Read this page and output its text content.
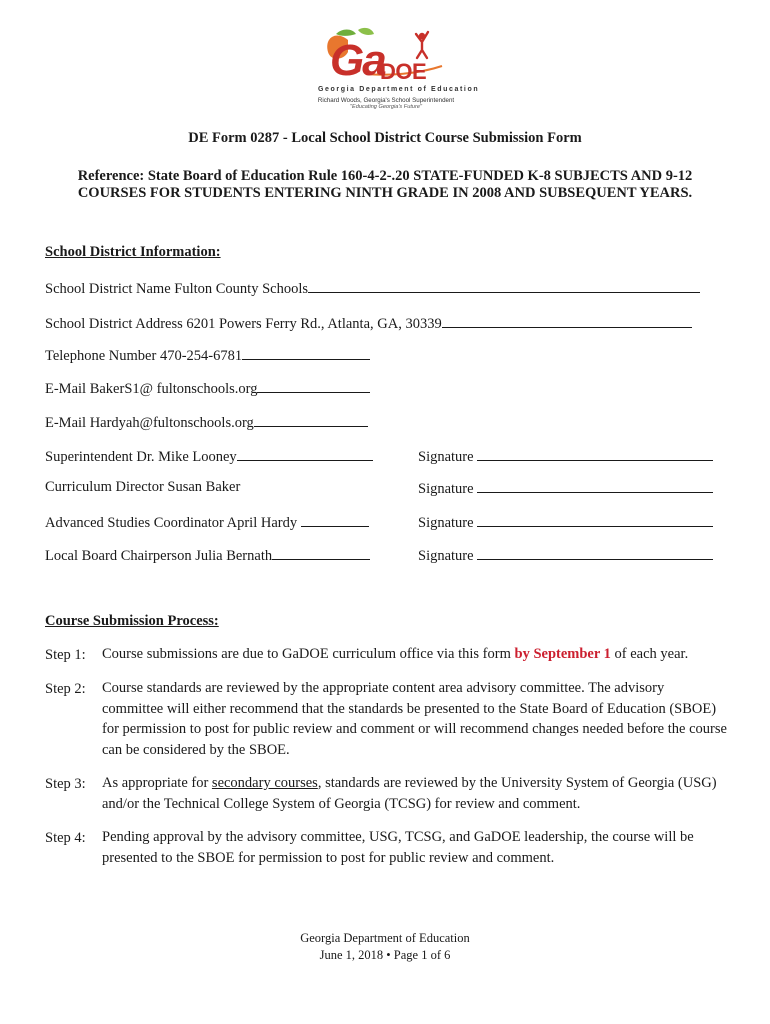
Ga
DOE
Georgia Department of Education
Richard Woods, Georgia's School Superintendent
"Educating Georgia's Future"
DE Form 0287 - Local School District Course Submission Form
Reference: State Board of Education Rule 160-4-2-.20 STATE-FUNDED K-8 SUBJECTS AND 9-12
COURSES FOR STUDENTS ENTERING NINTH GRADE IN 2008 AND SUBSEQUENT YEARS.
School District Information:
School District Name Fulton County Schools
School District Address 6201 Powers Ferry Rd., Atlanta, GA, 30339
Telephone Number 470-254-6781
E-Mail BakerS1@ fultonschools.org
E-Mail Hardyah@fultonschools.org
Superintendent Dr. Mike Looney	Signature
Curriculum Director Susan Baker	Signature
Advanced Studies Coordinator April Hardy	Signature
Local Board Chairperson Julia Bernath	Signature
Course Submission Process:
Step 1: Course submissions are due to GaDOE curriculum office via this form by September 1 of each year.
Step 2: Course standards are reviewed by the appropriate content area advisory committee. The advisory committee will either recommend that the standards be presented to the State Board of Education (SBOE) for permission to post for public review and comment or will recommend changes needed before the course can be considered by the SBOE.
Step 3: As appropriate for secondary courses, standards are reviewed by the University System of Georgia (USG) and/or the Technical College System of Georgia (TCSG) for review and comment.
Step 4: Pending approval by the advisory committee, USG, TCSG, and GaDOE leadership, the course will be presented to the SBOE for permission to post for public review and comment.
Georgia Department of Education
June 1, 2018 • Page 1 of 6
